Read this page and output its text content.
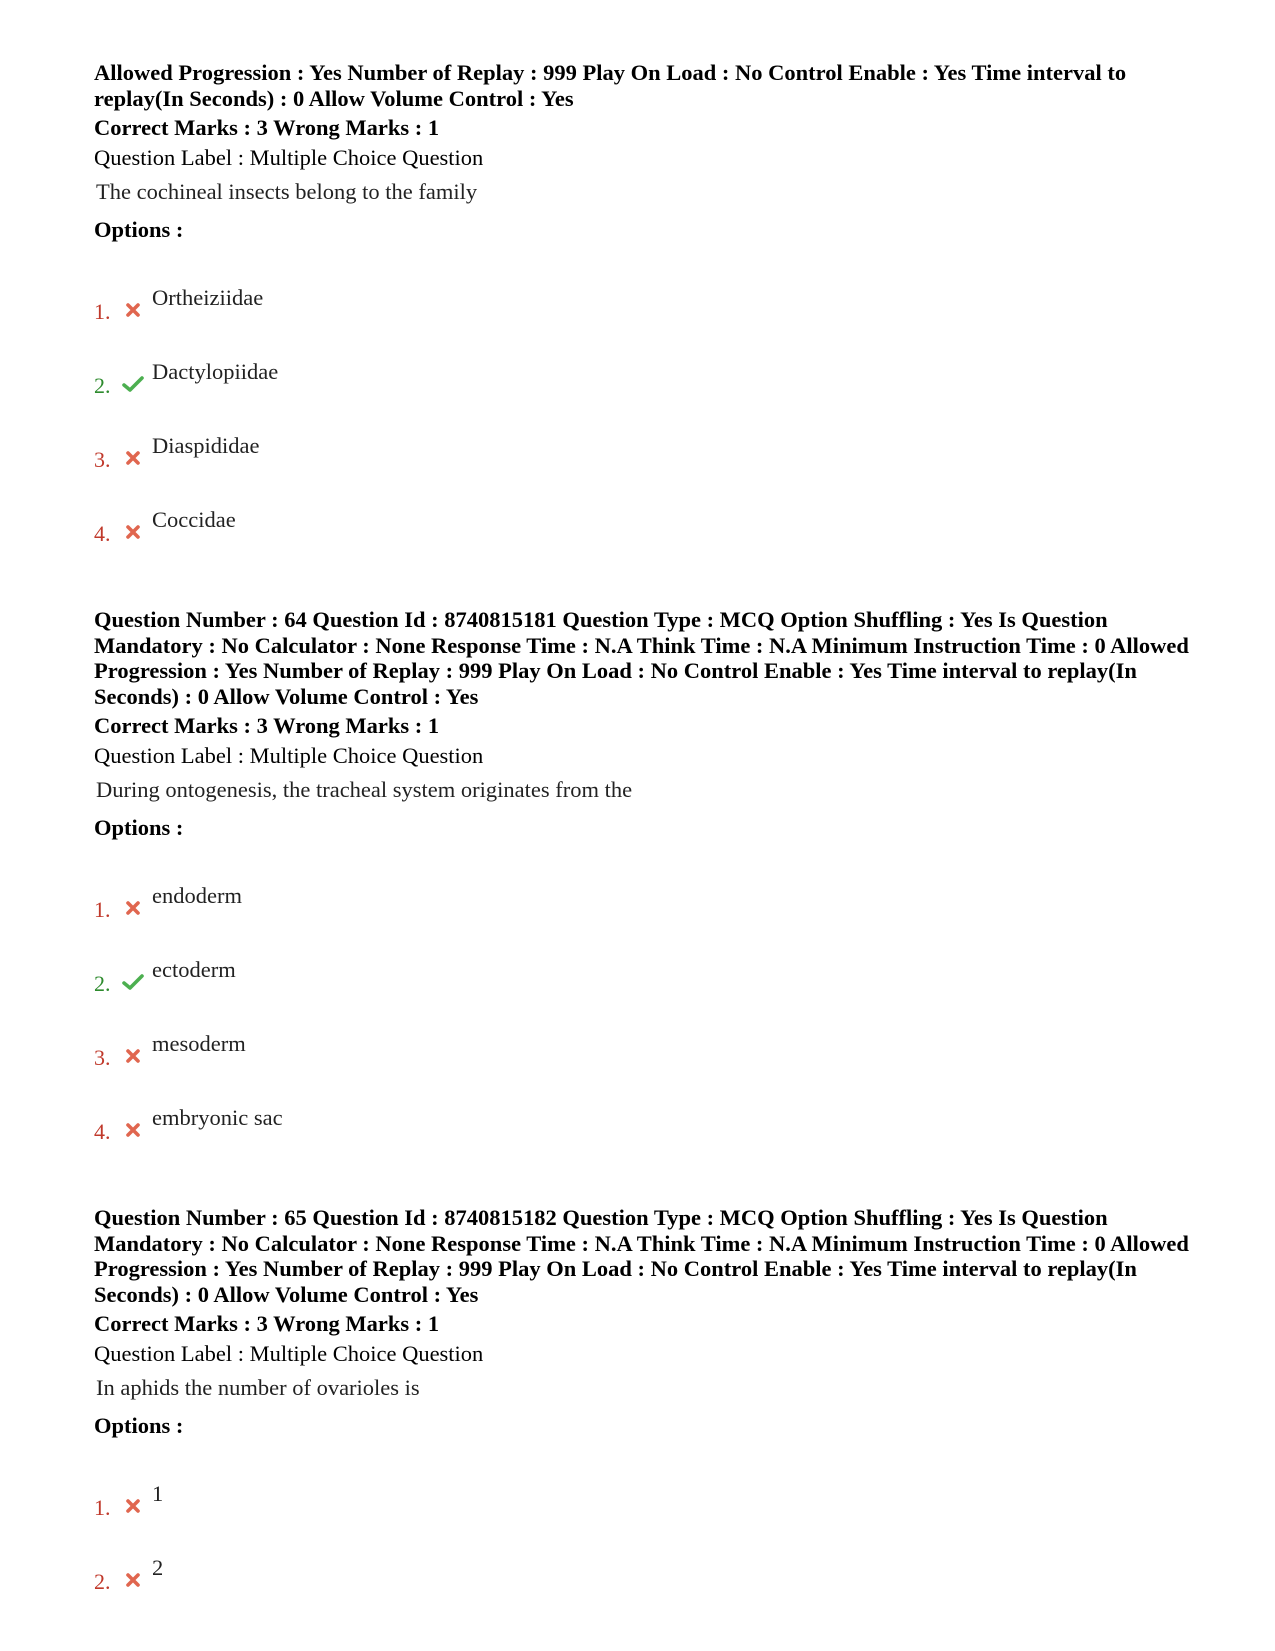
Allowed Progression : Yes Number of Replay : 999 Play On Load : No Control Enable : Yes Time interval to replay(In Seconds) : 0 Allow Volume Control : Yes

Correct Marks : 3 Wrong Marks : 1

Question Label : Multiple Choice Question

The cochineal insects belong to the family

Options :

1.
Ortheiziidae
2.
Dactylopiidae
3.
Diaspididae
4.
Coccidae

Question Number : 64 Question Id : 8740815181 Question Type : MCQ Option Shuffling : Yes Is Question Mandatory : No Calculator : None Response Time : N.A Think Time : N.A Minimum Instruction Time : 0 Allowed Progression : Yes Number of Replay : 999 Play On Load : No Control Enable : Yes Time interval to replay(In Seconds) : 0 Allow Volume Control : Yes

Correct Marks : 3 Wrong Marks : 1

Question Label : Multiple Choice Question

During ontogenesis, the tracheal system originates from the

Options :

1.
endoderm
2.
ectoderm
3.
mesoderm
4.
embryonic sac

Question Number : 65 Question Id : 8740815182 Question Type : MCQ Option Shuffling : Yes Is Question Mandatory : No Calculator : None Response Time : N.A Think Time : N.A Minimum Instruction Time : 0 Allowed Progression : Yes Number of Replay : 999 Play On Load : No Control Enable : Yes Time interval to replay(In Seconds) : 0 Allow Volume Control : Yes

Correct Marks : 3 Wrong Marks : 1

Question Label : Multiple Choice Question

In aphids the number of ovarioles is

Options :

1.
1
2.
2
